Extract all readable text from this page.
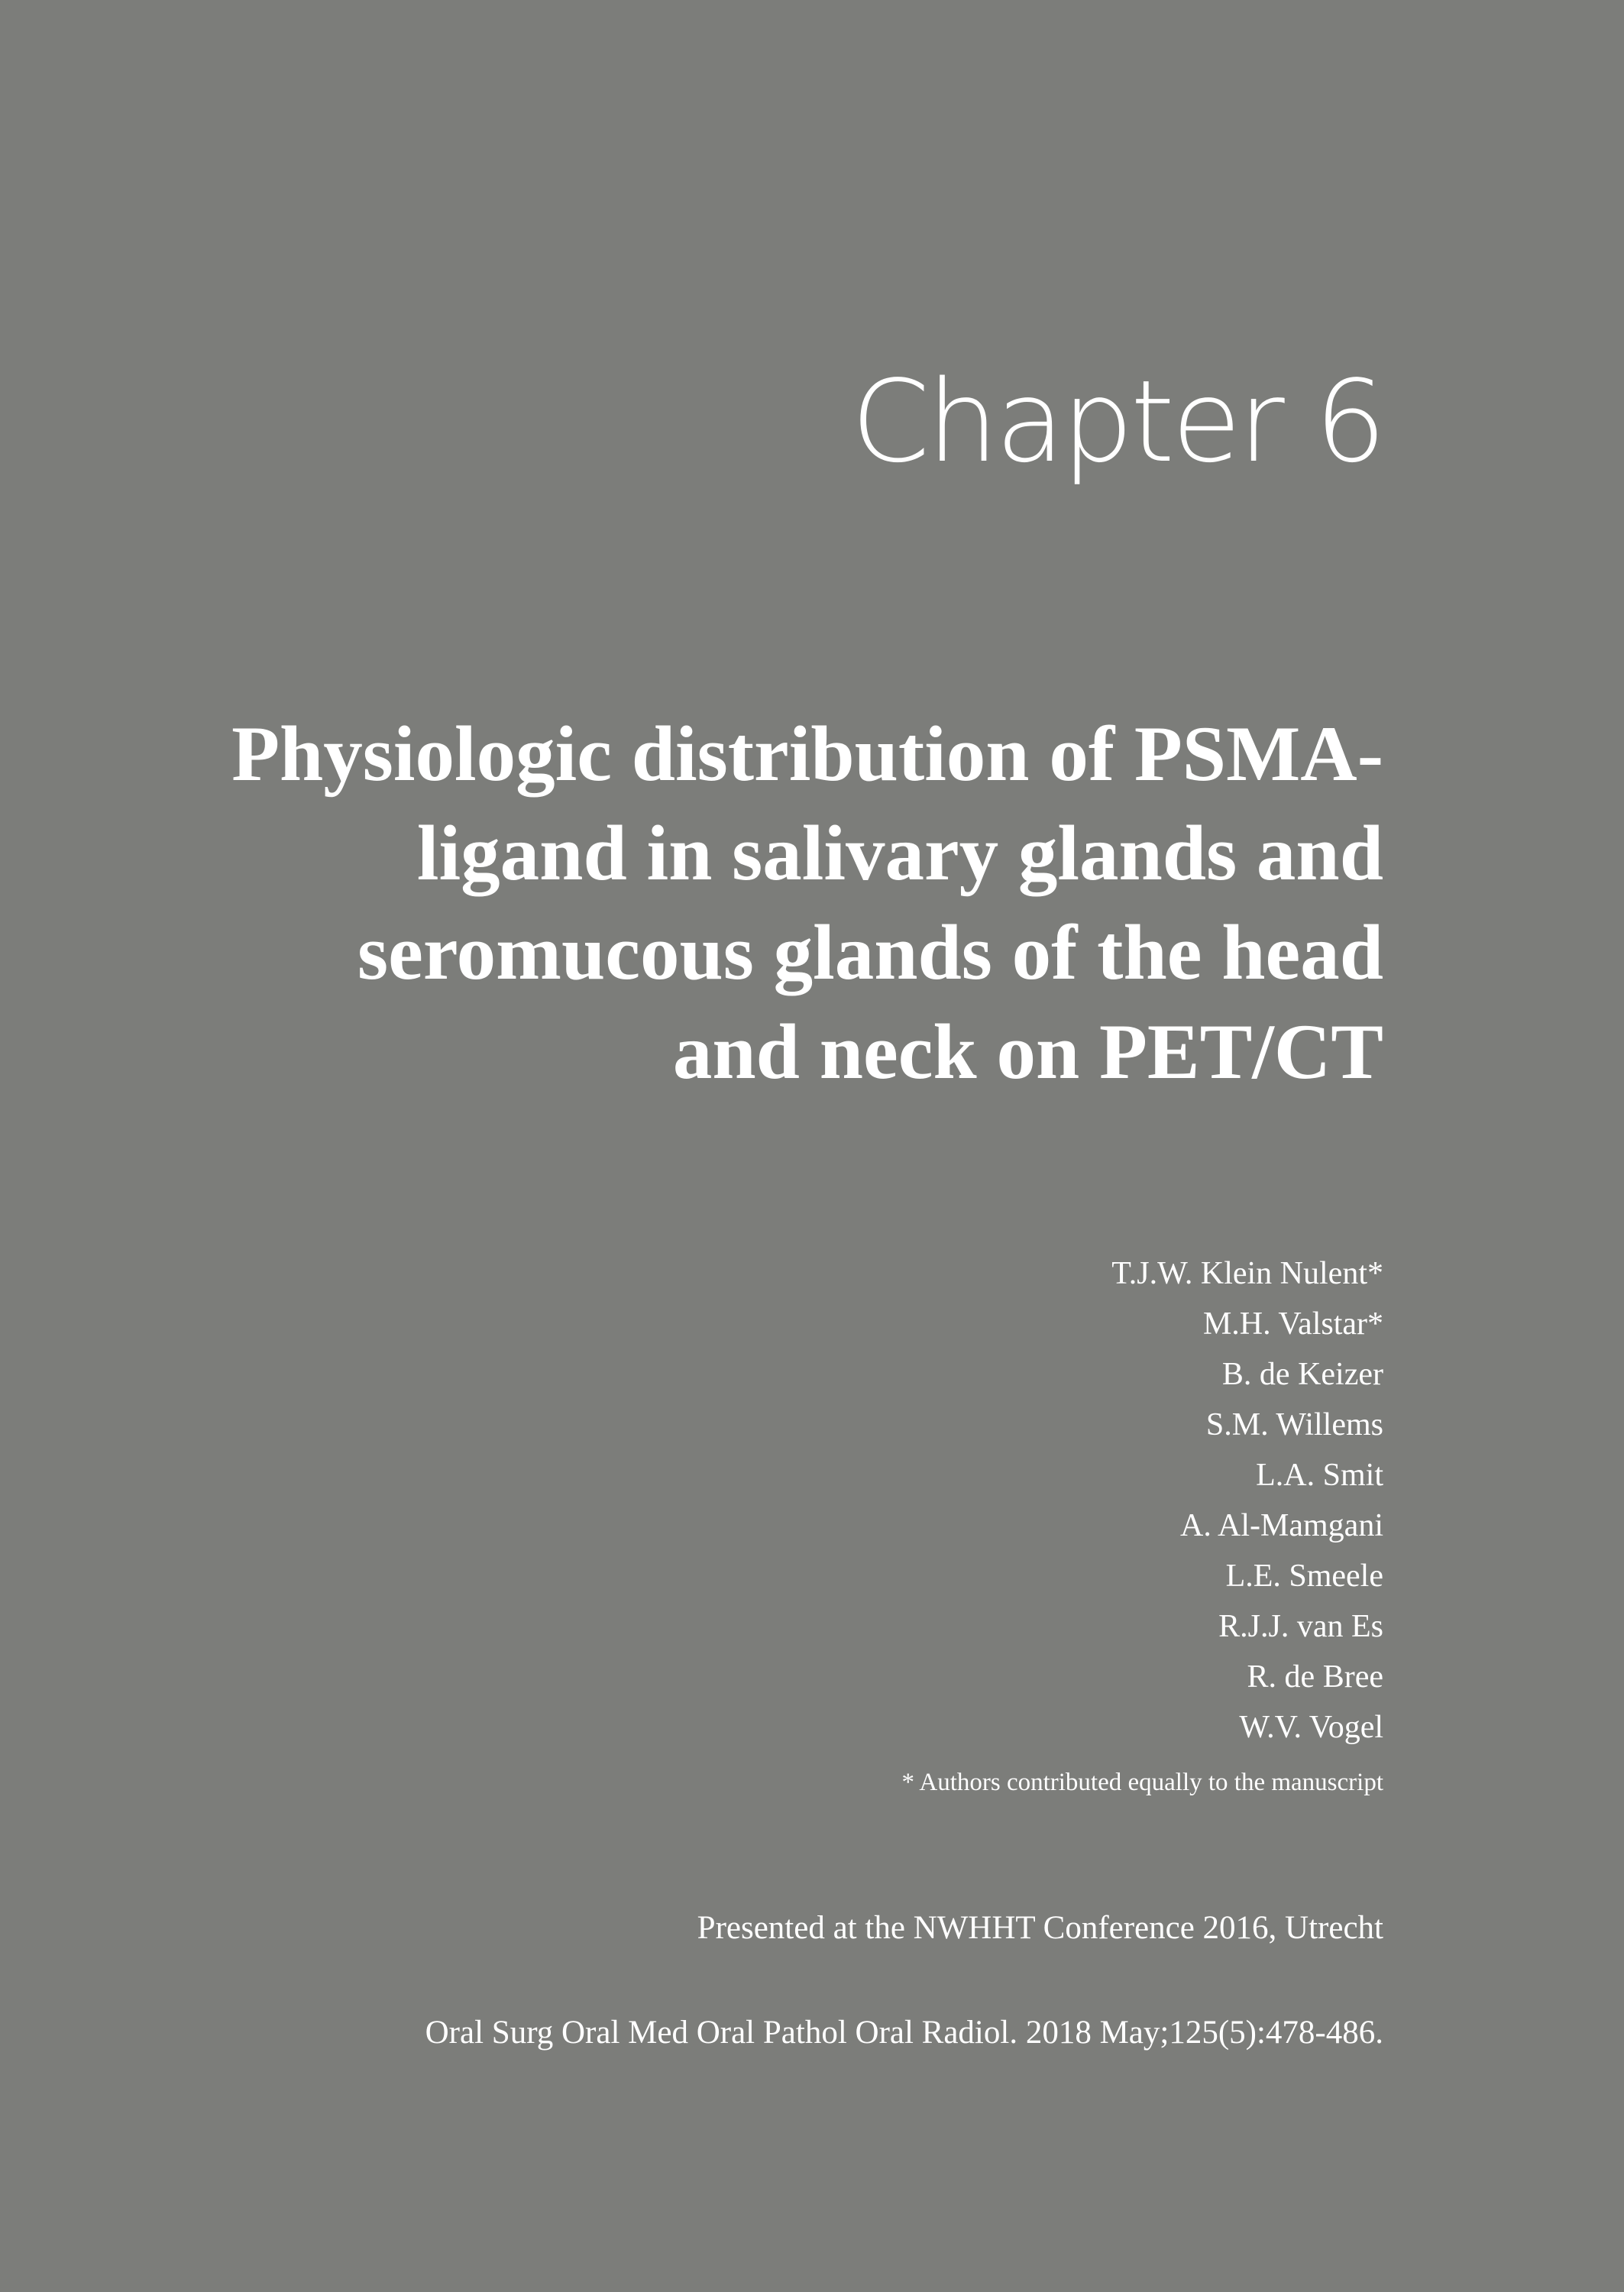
Chapter 6
Physiologic distribution of PSMA-
ligand in salivary glands and
seromucous glands of the head
and neck on PET/CT
T.J.W. Klein Nulent*
M.H. Valstar*
B. de Keizer
S.M. Willems
L.A. Smit
A. Al-Mamgani
L.E. Smeele
R.J.J. van Es
R. de Bree
W.V. Vogel
* Authors contributed equally to the manuscript
Presented at the NWHHT Conference 2016, Utrecht
Oral Surg Oral Med Oral Pathol Oral Radiol. 2018 May;125(5):478-486.
